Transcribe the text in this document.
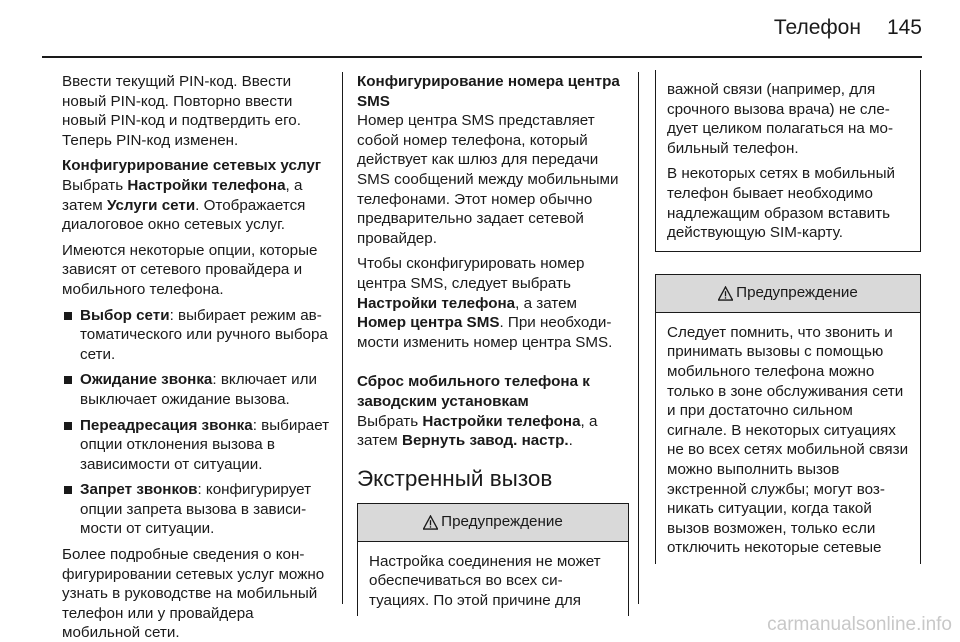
Телефон 145

Ввести текущий PIN-код. Ввести новый PIN-код. Повторно ввести новый PIN-код и подтвердить его. Теперь PIN-код изменен.

Конфигурирование сетевых услуг

Выбрать Настройки телефона, а затем Услуги сети. Отображается диалоговое окно сетевых услуг.

Имеются некоторые опции, которые зависят от сетевого провайдера и мобильного телефона.

Выбор сети: выбирает режим автоматического или ручного выбора сети.
Ожидание звонка: включает или выключает ожидание вызова.
Переадресация звонка: выбирает опции отклонения вызова в зависимости от ситуации.
Запрет звонков: конфигурирует опции запрета вызова в зависимости от ситуации.

Более подробные сведения о конфигурировании сетевых услуг можно узнать в руководстве на мобильный телефон или у провайдера мобильной сети.

Конфигурирование номера центра SMS

Номер центра SMS представляет собой номер телефона, который действует как шлюз для передачи SMS сообщений между мобильными телефонами. Этот номер обычно предварительно задает сетевой провайдер.

Чтобы сконфигурировать номер центра SMS, следует выбрать Настройки телефона, а затем Номер центра SMS. При необходимости изменить номер центра SMS.

Сброс мобильного телефона к заводским установкам

Выбрать Настройки телефона, а затем Вернуть завод. настр..

Экстренный вызов
Предупреждение
Настройка соединения не может обеспечиваться во всех ситуациях. По этой причине для

важной связи (например, для срочного вызова врача) не следует целиком полагаться на мобильный телефон.

В некоторых сетях в мобильный телефон бывает необходимо надлежащим образом вставить действующую SIM-карту.

Предупреждение
Следует помнить, что звонить и принимать вызовы с помощью мобильного телефона можно только в зоне обслуживания сети и при достаточно сильном сигнале. В некоторых ситуациях не во всех сетях мобильной связи можно выполнить вызов экстренной службы; могут возникать ситуации, когда такой вызов возможен, только если отключить некоторые сетевые
carmanualsonline.info
